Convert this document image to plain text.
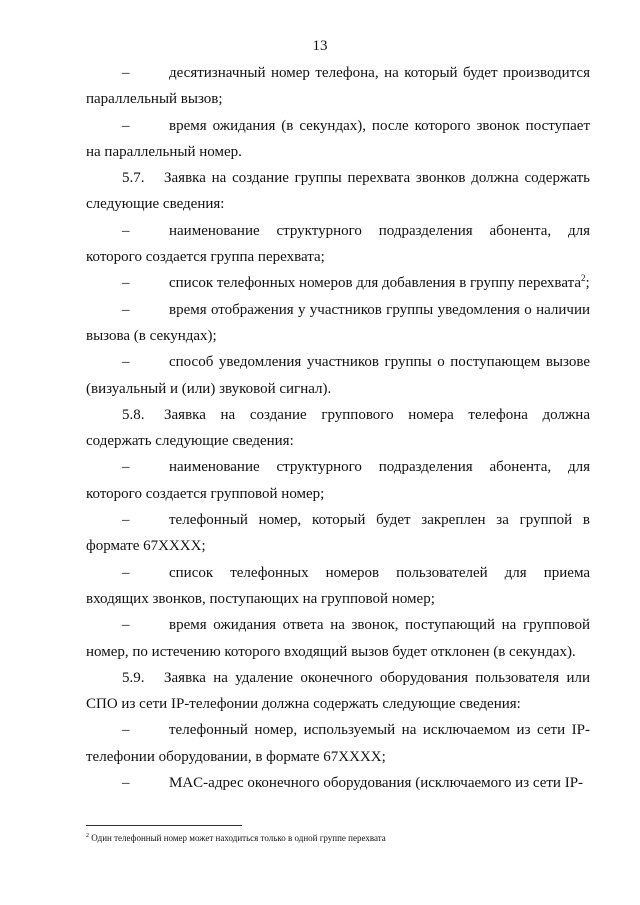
13

–	десятизначный номер телефона, на который будет производится параллельный вызов;

–	время ожидания (в секундах), после которого звонок поступает на параллельный номер.

5.7. Заявка на создание группы перехвата звонков должна содержать следующие сведения:

–	наименование структурного подразделения абонента, для которого создается группа перехвата;

–	список телефонных номеров для добавления в группу перехвата$^2$;

–	время отображения у участников группы уведомления о наличии вызова (в секундах);

–	способ уведомления участников группы о поступающем вызове (визуальный и (или) звуковой сигнал).

5.8. Заявка на создание группового номера телефона должна содержать следующие сведения:

–	наименование структурного подразделения абонента, для которого создается групповой номер;

–	телефонный номер, который будет закреплен за группой в формате 67XXXX;

–	список телефонных номеров пользователей для приема входящих звонков, поступающих на групповой номер;

–	время ожидания ответа на звонок, поступающий на групповой номер, по истечению которого входящий вызов будет отклонен (в секундах).

5.9. Заявка на удаление оконечного оборудования пользователя или СПО из сети IP-телефонии должна содержать следующие сведения:

–	телефонный номер, используемый на исключаемом из сети IP-телефонии оборудовании, в формате 67XXXX;

–	MAC-адрес оконечного оборудования (исключаемого из сети IP-

$^2$ Один телефонный номер может находиться только в одной группе перехвата
